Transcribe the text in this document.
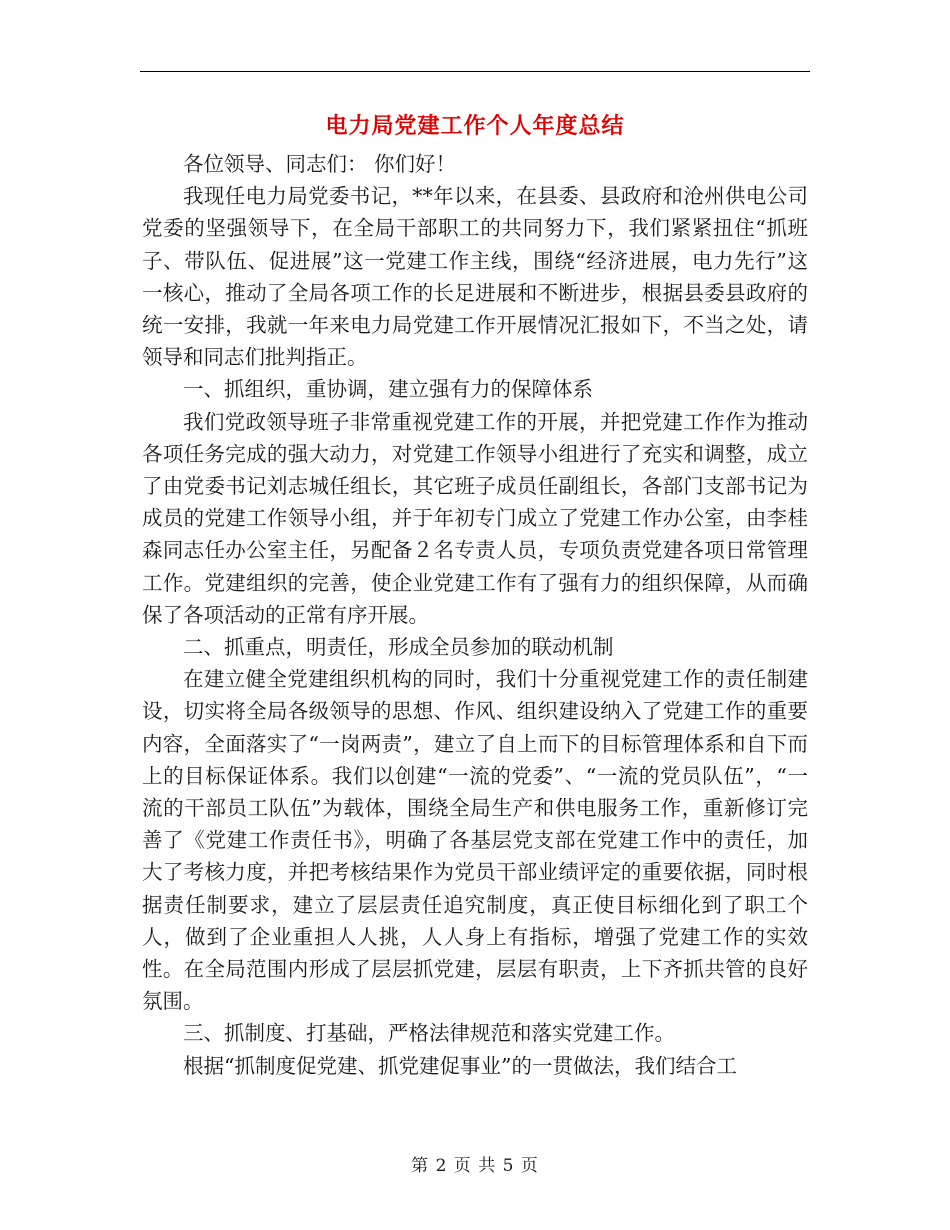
电力局党建工作个人年度总结

各位领导、同志们： 你们好！

我现任电力局党委书记，**年以来，在县委、县政府和沧州供电公司党委的坚强领导下，在全局干部职工的共同努力下，我们紧紧扭住“抓班子、带队伍、促进展”这一党建工作主线，围绕“经济进展，电力先行”这一核心，推动了全局各项工作的长足进展和不断进步，根据县委县政府的统一安排，我就一年来电力局党建工作开展情况汇报如下，不当之处，请领导和同志们批判指正。

一、抓组织，重协调，建立强有力的保障体系

我们党政领导班子非常重视党建工作的开展，并把党建工作作为推动各项任务完成的强大动力，对党建工作领导小组进行了充实和调整，成立了由党委书记刘志城任组长，其它班子成员任副组长，各部门支部书记为成员的党建工作领导小组，并于年初专门成立了党建工作办公室，由李桂森同志任办公室主任，另配备２名专责人员，专项负责党建各项日常管理工作。党建组织的完善，使企业党建工作有了强有力的组织保障，从而确保了各项活动的正常有序开展。

二、抓重点，明责任，形成全员参加的联动机制

在建立健全党建组织机构的同时，我们十分重视党建工作的责任制建设，切实将全局各级领导的思想、作风、组织建设纳入了党建工作的重要内容，全面落实了“一岗两责”，建立了自上而下的目标管理体系和自下而上的目标保证体系。我们以创建“一流的党委”、“一流的党员队伍”，“一流的干部员工队伍”为载体，围绕全局生产和供电服务工作，重新修订完善了《党建工作责任书》，明确了各基层党支部在党建工作中的责任，加大了考核力度，并把考核结果作为党员干部业绩评定的重要依据，同时根据责任制要求，建立了层层责任追究制度，真正使目标细化到了职工个人，做到了企业重担人人挑，人人身上有指标，增强了党建工作的实效性。在全局范围内形成了层层抓党建，层层有职责，上下齐抓共管的良好氛围。

三、抓制度、打基础，严格法律规范和落实党建工作。

根据“抓制度促党建、抓党建促事业”的一贯做法，我们结合工

第 2 页 共 5 页
